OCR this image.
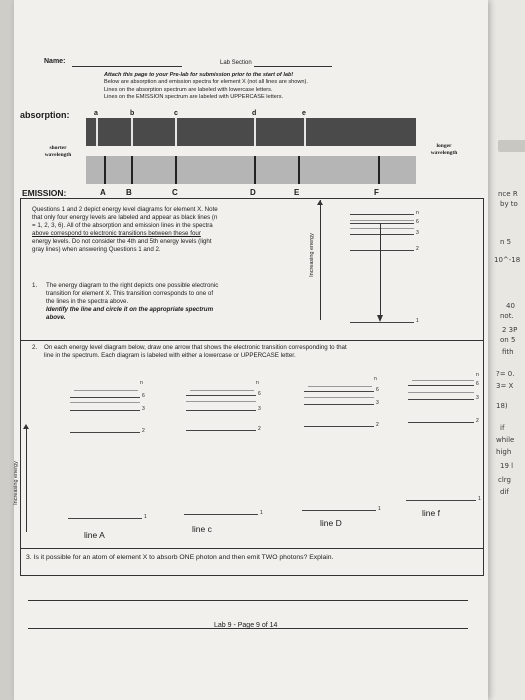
nce R
by to
n 5
10^-18
40
not.
2 3P
on 5
fith
?= 0.
3= X
18)
if
while
high
19 l
clrg
dif
Name:	Lab Section
Attach this page to your Pre-lab for submission prior to the start of lab!
Below are absorption and emission spectra for element X (not all lines are shown).
Lines on the absorption spectrum are labeled with lowercase letters.
Lines on the EMISSION spectrum are labeled with UPPERCASE letters.
absorption:	a	b	c	d	e
shorter
wavelength
longer
wavelength
EMISSION:	A	B	C	D	E	F
Questions 1 and 2 depict energy level diagrams for element X. Note
that only four energy levels are labeled and appear as black lines (n
= 1, 2, 3, 6). All of the absorption and emission lines in the spectra
above correspond to electronic transitions between these four
energy levels. Do not consider the 4th and 5th energy levels (light
gray lines) when answering Questions 1 and 2.
1. The energy diagram to the right depicts one possible electronic
transition for element X. This transition corresponds to one of
the lines in the spectra above.
Identify the line and circle it on the appropriate spectrum
above.
Increasing energy
n
6
3
2
1
2. On each energy level diagram below, draw one arrow that shows the electronic transition corresponding to that
line in the spectrum. Each diagram is labeled with either a lowercase or UPPERCASE letter.
Increasing energy
n
6
3
2
1
line A
n
6
3
2
1
line c
n
6
3
2
1
line D
n
6
3
2
1
line f
3. Is it possible for an atom of element X to absorb ONE photon and then emit TWO photons? Explain.
Lab 9 - Page 9 of 14
